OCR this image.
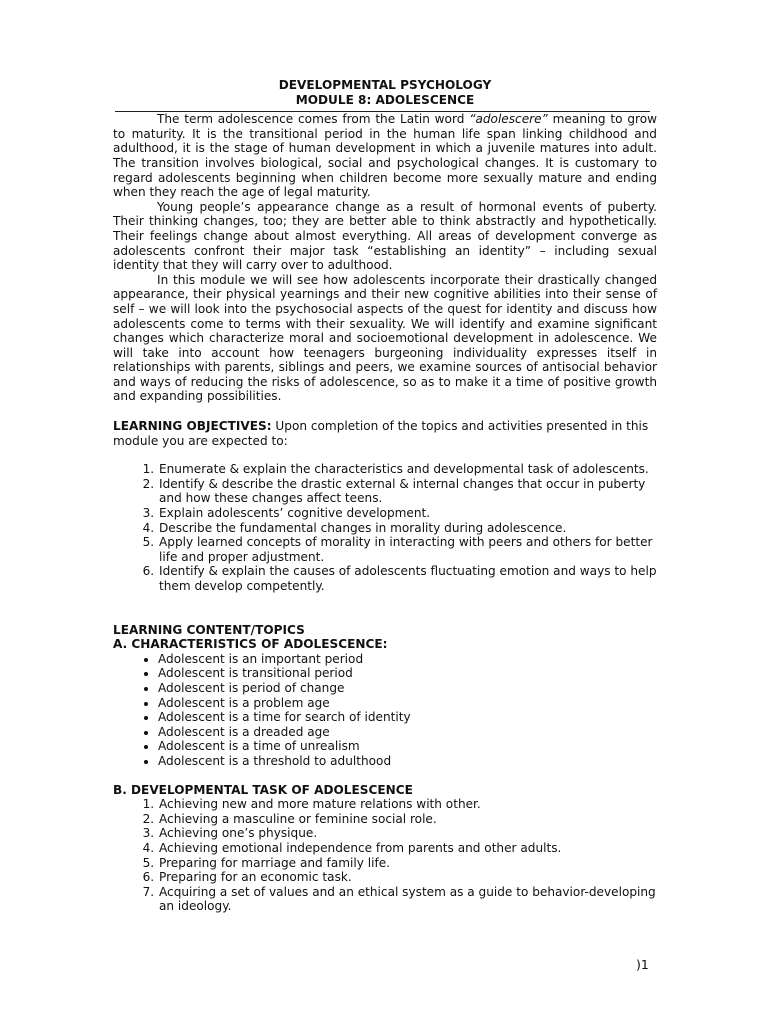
DEVELOPMENTAL PSYCHOLOGY
MODULE 8: ADOLESCENCE

The term adolescence comes from the Latin word “adolescere” meaning to grow to maturity. It is the transitional period in the human life span linking childhood and adulthood, it is the stage of human development in which a juvenile matures into adult. The transition involves biological, social and psychological changes. It is customary to regard adolescents beginning when children become more sexually mature and ending when they reach the age of legal maturity.

Young people’s appearance change as a result of hormonal events of puberty. Their thinking changes, too; they are better able to think abstractly and hypothetically. Their feelings change about almost everything. All areas of development converge as adolescents confront their major task “establishing an identity” – including sexual identity that they will carry over to adulthood.

In this module we will see how adolescents incorporate their drastically changed appearance, their physical yearnings and their new cognitive abilities into their sense of self – we will look into the psychosocial aspects of the quest for identity and discuss how adolescents come to terms with their sexuality. We will identify and examine significant changes which characterize moral and socioemotional development in adolescence. We will take into account how teenagers burgeoning individuality expresses itself in relationships with parents, siblings and peers, we examine sources of antisocial behavior and ways of reducing the risks of adolescence, so as to make it a time of positive growth and expanding possibilities.

LEARNING OBJECTIVES: Upon completion of the topics and activities presented in this module you are expected to:
1. Enumerate & explain the characteristics and developmental task of adolescents.
2. Identify & describe the drastic external & internal changes that occur in puberty and how these changes affect teens.
3. Explain adolescents’ cognitive development.
4. Describe the fundamental changes in morality during adolescence.
5. Apply learned concepts of morality in interacting with peers and others for better life and proper adjustment.
6. Identify & explain the causes of adolescents fluctuating emotion and ways to help them develop competently.
LEARNING CONTENT/TOPICS
A. CHARACTERISTICS OF ADOLESCENCE:
• Adolescent is an important period
• Adolescent is transitional period
• Adolescent is period of change
• Adolescent is a problem age
• Adolescent is a time for search of identity
• Adolescent is a dreaded age
• Adolescent is a time of unrealism
• Adolescent is a threshold to adulthood
B. DEVELOPMENTAL TASK OF ADOLESCENCE
1. Achieving new and more mature relations with other.
2. Achieving a masculine or feminine social role.
3. Achieving one’s physique.
4. Achieving emotional independence from parents and other adults.
5. Preparing for marriage and family life.
6. Preparing for an economic task.
7. Acquiring a set of values and an ethical system as a guide to behavior-developing an ideology.
)1
